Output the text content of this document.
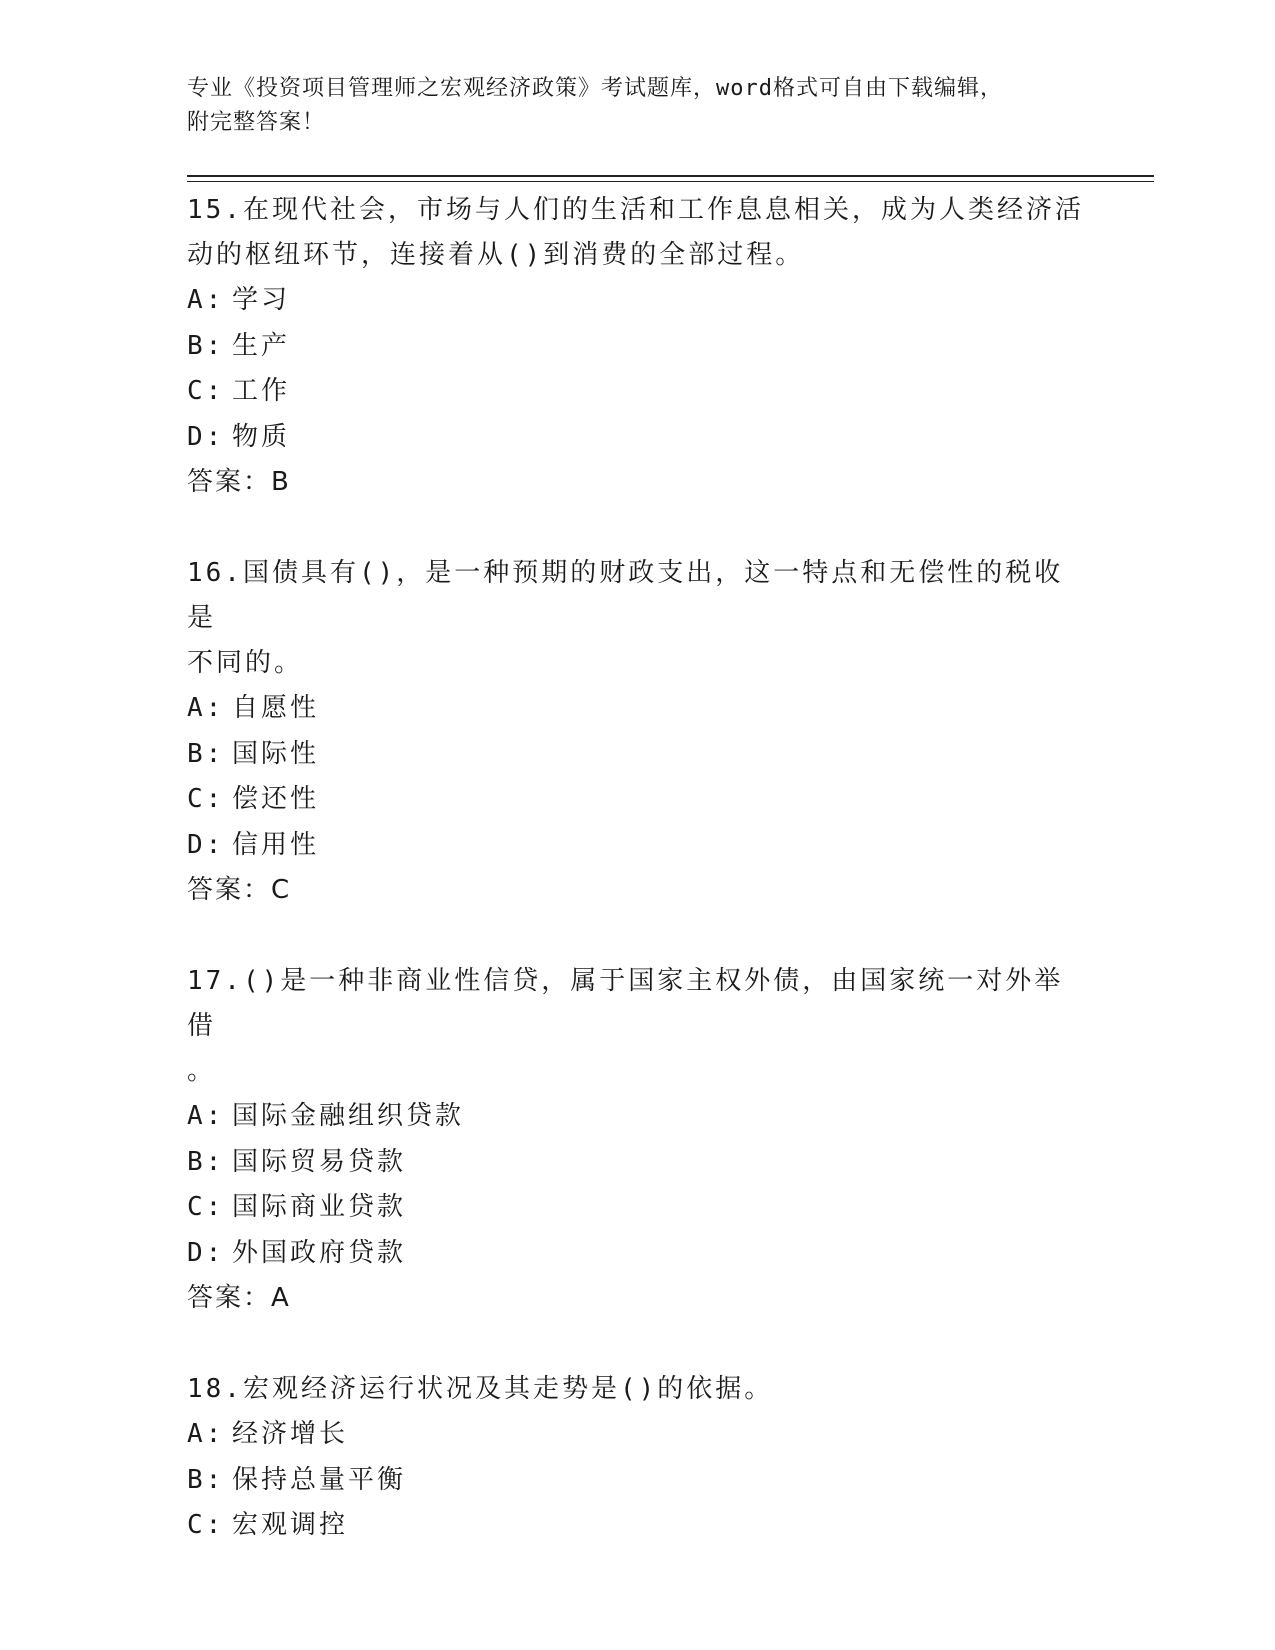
专业《投资项目管理师之宏观经济政策》考试题库，word格式可自由下载编辑，
附完整答案！

15.在现代社会，市场与人们的生活和工作息息相关，成为人类经济活

动的枢纽环节，连接着从()到消费的全部过程。

A: 学习
B: 生产
C: 工作
D: 物质

答案：B

16.国债具有()，是一种预期的财政支出，这一特点和无偿性的税收是

不同的。

A: 自愿性
B: 国际性
C: 偿还性
D: 信用性

答案：C

17.()是一种非商业性信贷，属于国家主权外债，由国家统一对外举借

。

A: 国际金融组织贷款
B: 国际贸易贷款
C: 国际商业贷款
D: 外国政府贷款

答案：A

18.宏观经济运行状况及其走势是()的依据。

A: 经济增长
B: 保持总量平衡
C: 宏观调控
